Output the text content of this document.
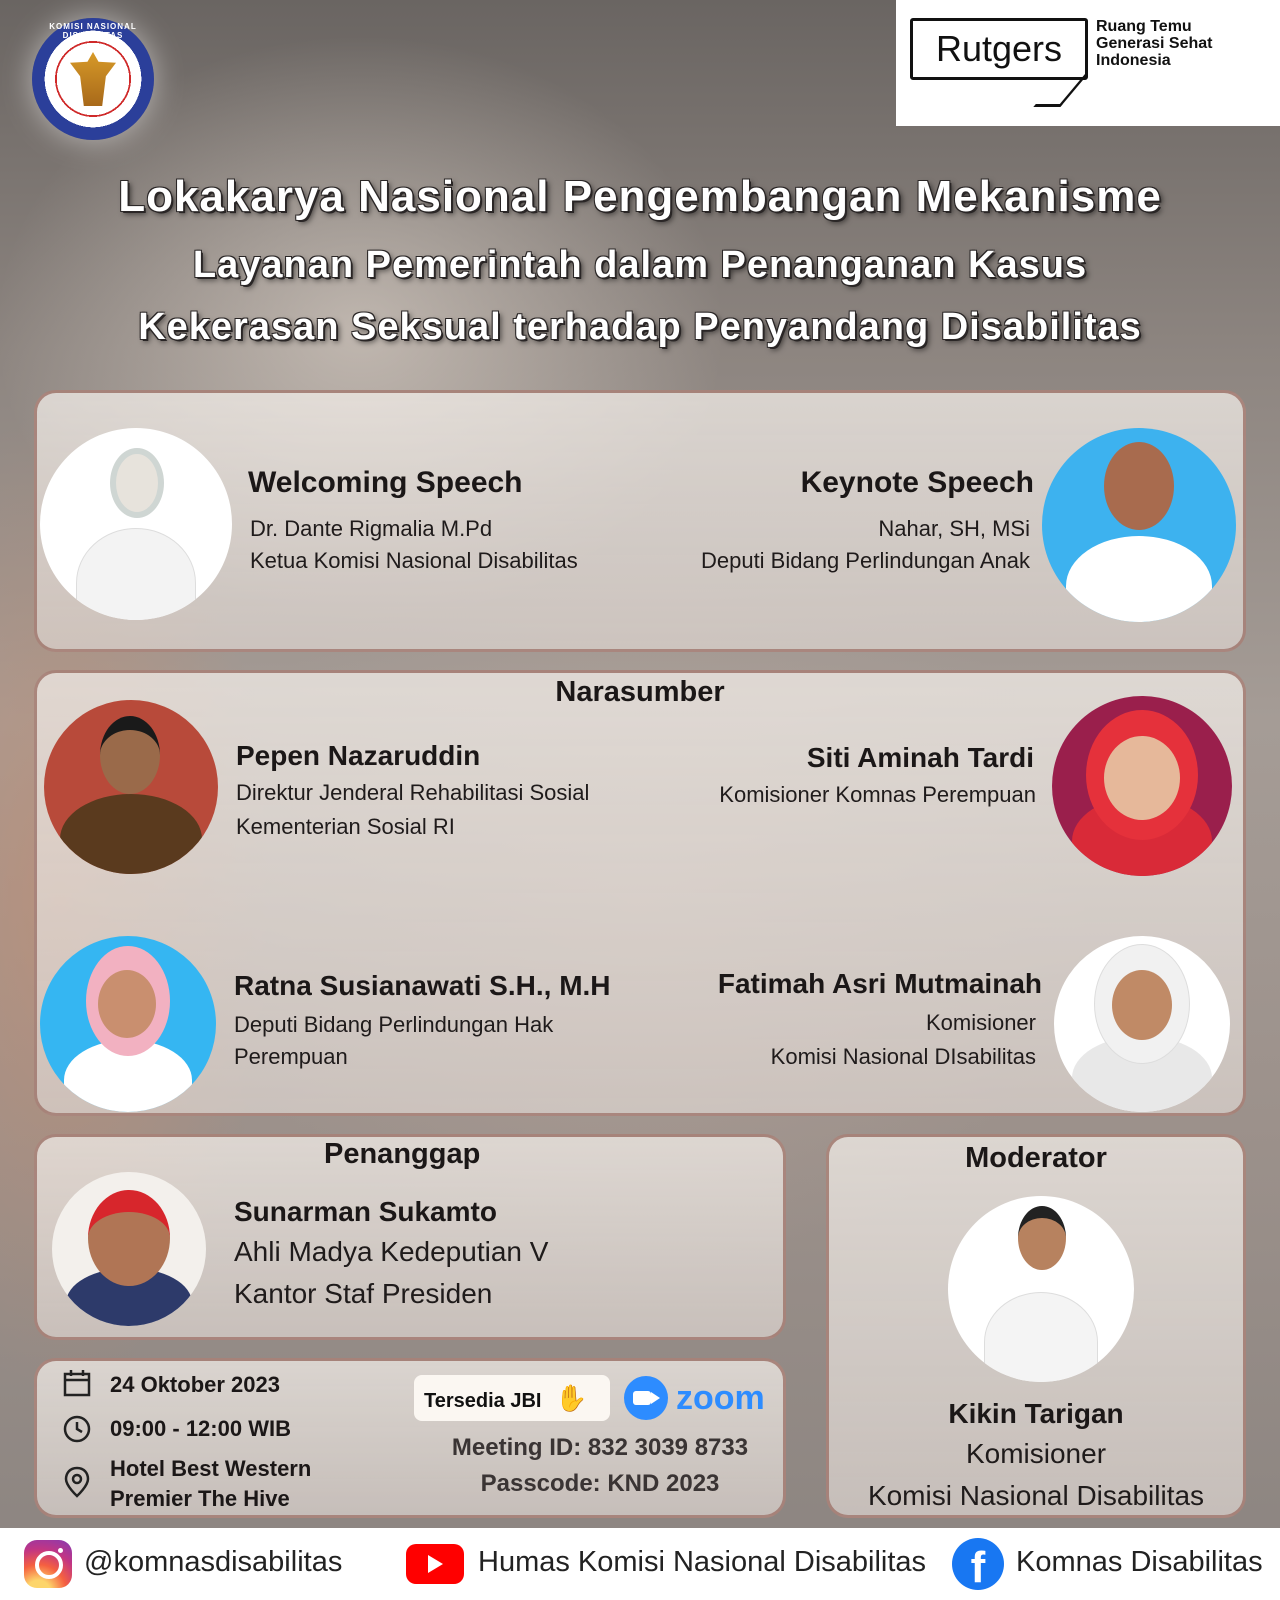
KOMISI NASIONAL DISABILITAS	Rutgers
Ruang Temu
Generasi Sehat
Indonesia
Lokakarya Nasional Pengembangan Mekanisme
Layanan Pemerintah dalam Penanganan Kasus
Kekerasan Seksual terhadap Penyandang Disabilitas
Welcoming Speech
Dr. Dante Rigmalia M.Pd
Ketua Komisi Nasional Disabilitas
Keynote Speech
Nahar, SH, MSi
Deputi Bidang Perlindungan Anak
Narasumber
Pepen Nazaruddin
Direktur Jenderal Rehabilitasi Sosial
Kementerian Sosial RI
Siti Aminah Tardi
Komisioner Komnas Perempuan
Ratna Susianawati S.H., M.H
Deputi Bidang Perlindungan Hak
Perempuan
Fatimah Asri Mutmainah
Komisioner
Komisi Nasional DIsabilitas
Penanggap
Sunarman Sukamto
Ahli Madya Kedeputian V
Kantor Staf Presiden
24 Oktober 2023
09:00 - 12:00 WIB
Hotel Best Western
Premier The Hive
Tersedia JBI ✋	zoom
Meeting ID: 832 3039 8733
Passcode: KND 2023
Moderator
Kikin Tarigan
Komisioner
Komisi Nasional Disabilitas
@komnasdisabilitas	Humas Komisi Nasional Disabilitas	f	Komnas Disabilitas
